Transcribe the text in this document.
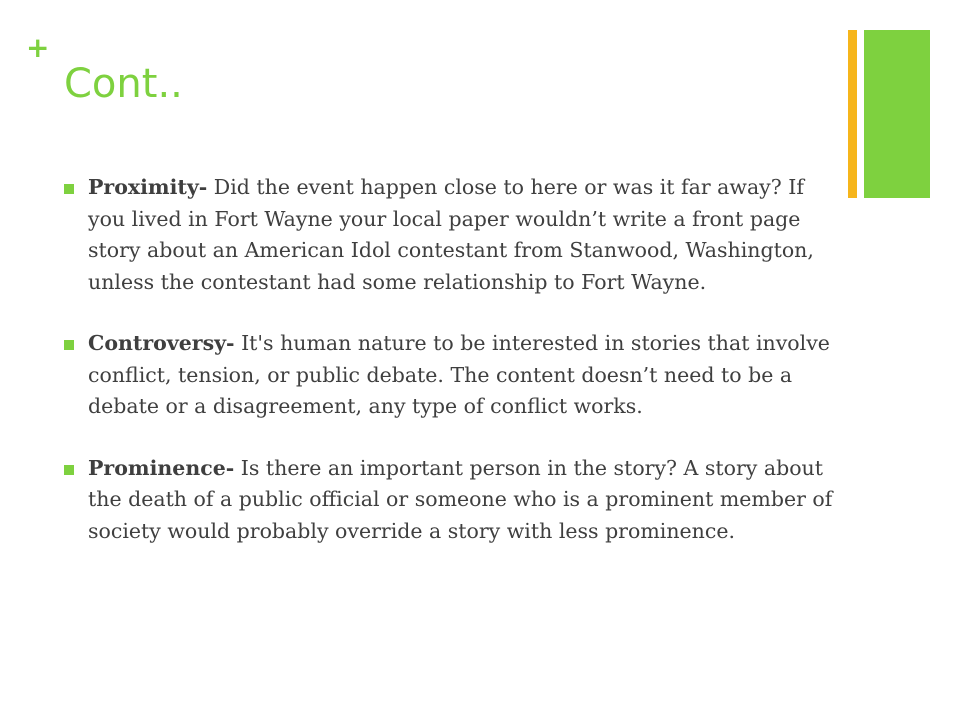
+
Cont..
Proximity- Did the event happen close to here or was it far away? If you lived in Fort Wayne your local paper wouldn’t write a front page story about an American Idol contestant from Stanwood, Washington, unless the contestant had some relationship to Fort Wayne.
Controversy- It's human nature to be interested in stories that involve conflict, tension, or public debate. The content doesn’t need to be a debate or a disagreement, any type of conflict works.
Prominence- Is there an important person in the story? A story about the death of a public official or someone who is a prominent member of society would probably override a story with less prominence.
